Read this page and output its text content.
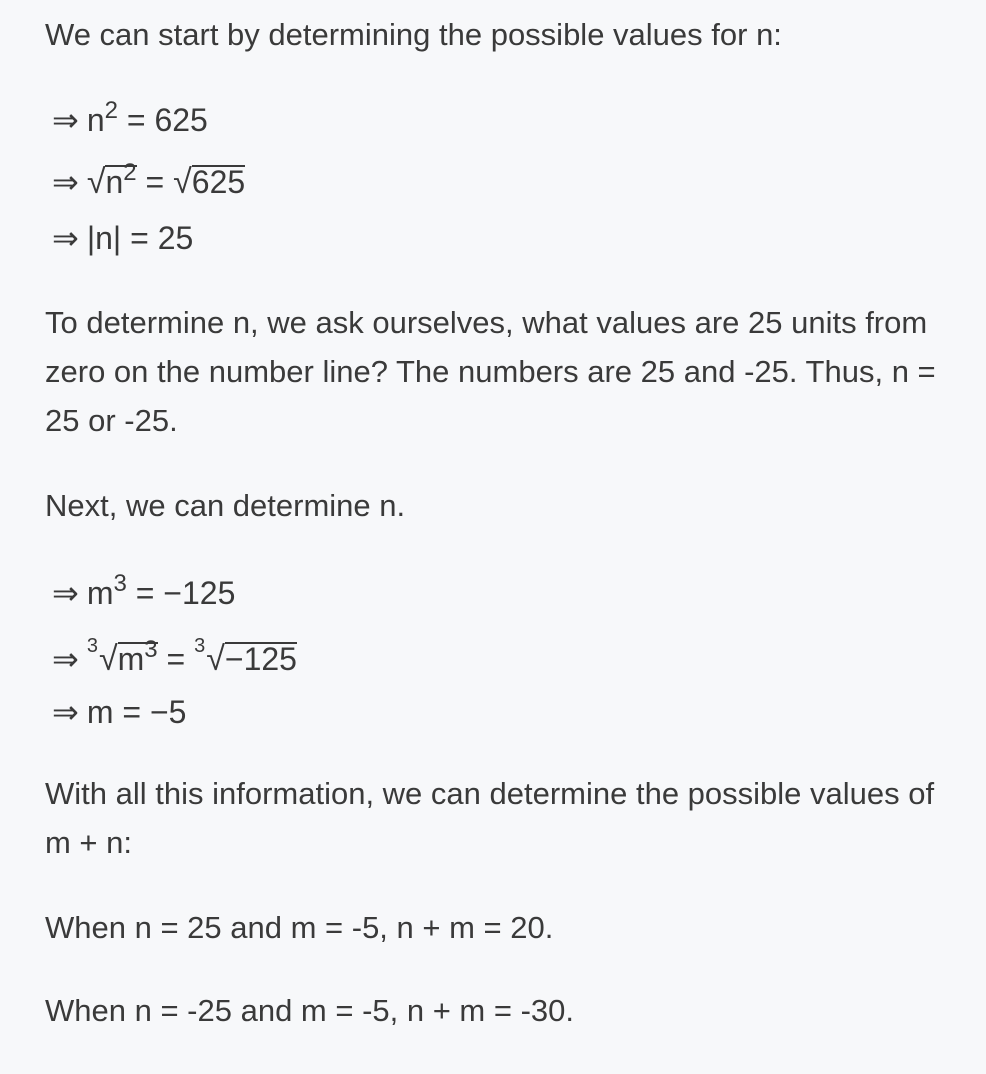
We can start by determining the possible values for n:
⇒ $n^2 = 625$
⇒ $√n^2 = √625$
⇒ |n| = 25
To determine n, we ask ourselves, what values are 25 units from zero on the number line? The numbers are 25 and -25. Thus, n = 25 or -25.
Next, we can determine n.
⇒ $m^3 = -125$
⇒ $3√m^3 = 3√-125$
⇒ m = −5
With all this information, we can determine the possible values of m + n:
When n = 25 and m = -5, n + m = 20.
When n = -25 and m = -5, n + m = -30.
